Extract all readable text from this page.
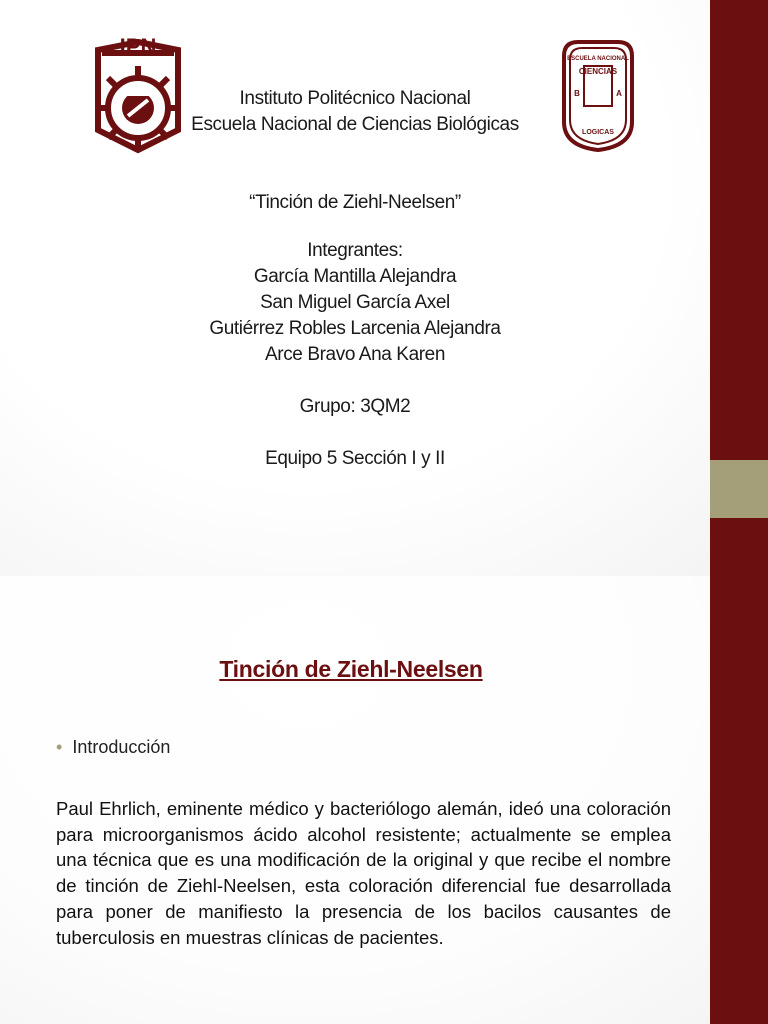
IPN	ESCUELA NACIONAL
CIENCIAS
B	A
LOGICAS
Instituto Politécnico Nacional
Escuela Nacional de Ciencias Biológicas
“Tinción de Ziehl-Neelsen”
Integrantes:
García Mantilla Alejandra
San Miguel García Axel
Gutiérrez Robles Larcenia Alejandra
Arce Bravo Ana Karen
Grupo: 3QM2
Equipo 5 Sección I y II
Tinción de Ziehl-Neelsen
• Introducción
Paul Ehrlich, eminente médico y bacteriólogo alemán, ideó una coloración para microorganismos ácido alcohol resistente; actualmente se emplea una técnica que es una modificación de la original y que recibe el nombre de tinción de Ziehl-Neelsen, esta coloración diferencial fue desarrollada para poner de manifiesto la presencia de los bacilos causantes de tuberculosis en muestras clínicas de pacientes.
